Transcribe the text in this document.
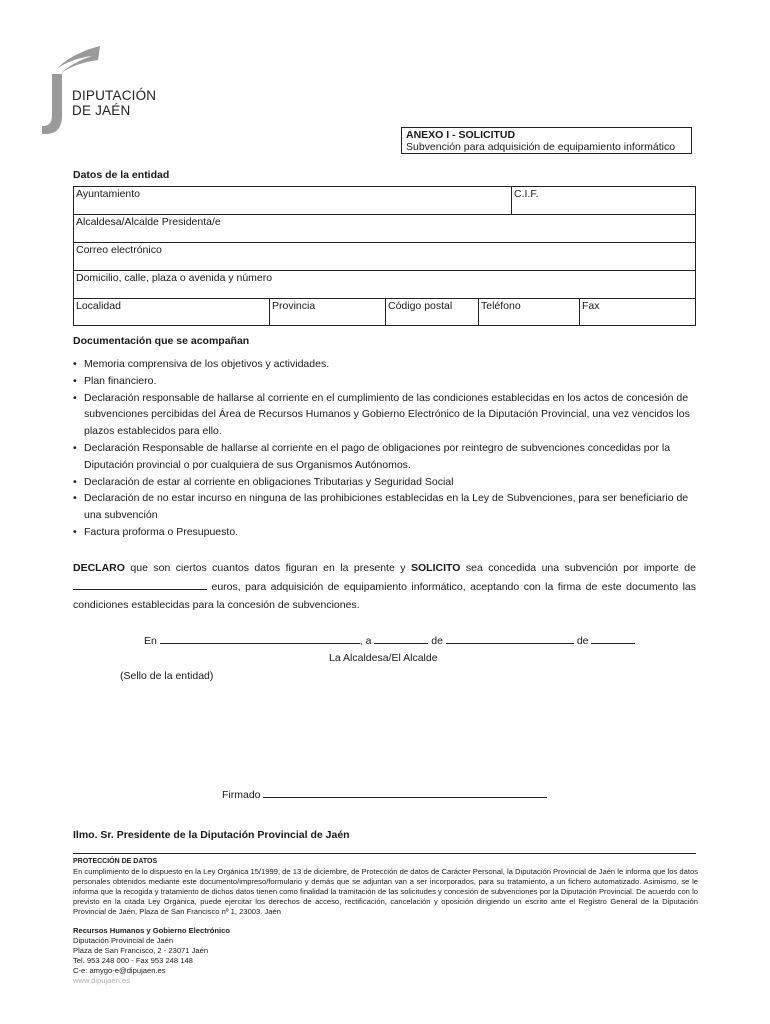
DIPUTACIÓN
DE JAÉN
ANEXO I - SOLICITUD
Subvención para adquisición de equipamiento informático
Datos de la entidad
Ayuntamiento	C.I.F.
Alcaldesa/Alcalde Presidenta/e
Correo electrónico
Domicilio, calle, plaza o avenida y número
Localidad	Provincia	Código postal	Teléfono	Fax
Documentación que se acompañan
• Memoria comprensiva de los objetivos y actividades.
• Plan financiero.
• Declaración responsable de hallarse al corriente en el cumplimiento de las condiciones establecidas en los actos de concesión de subvenciones percibidas del Área de Recursos Humanos y Gobierno Electrónico de la Diputación Provincial, una vez vencidos los plazos establecidos para ello.
• Declaración Responsable de hallarse al corriente en el pago de obligaciones por reintegro de subvenciones concedidas por la Diputación provincial o por cualquiera de sus Organismos Autónomos.
• Declaración de estar al corriente en obligaciones Tributarias y Seguridad Social
• Declaración de no estar incurso en ninguna de las prohibiciones establecidas en la Ley de Subvenciones, para ser beneficiario de una subvención
• Factura proforma o Presupuesto.
DECLARO que son ciertos cuantos datos figuran en la presente y SOLICITO sea concedida una subvención por importe de  euros, para adquisición de equipamiento informático, aceptando con la firma de este documento las condiciones establecidas para la concesión de subvenciones.
En	, a	de	de
La Alcaldesa/El Alcalde
(Sello de la entidad)
Firmado
Ilmo. Sr. Presidente de la Diputación Provincial de Jaén
PROTECCIÓN DE DATOS
En cumplimiento de lo dispuesto en la Ley Orgánica 15/1999, de 13 de diciembre, de Protección de datos de Carácter Personal, la Diputación Provincial de Jaén le informa que los datos personales obtenidos mediante este documento/impreso/formulario y demás que se adjuntan van a ser incorporados, para su tratamiento, a un fichero automatizado. Asimismo, se le informa que la recogida y tratamiento de dichos datos tienen como finalidad la tramitación de las solicitudes y concesión de subvenciones por la Diputación Provincial. De acuerdo con lo previsto en la citada Ley Orgánica, puede ejercitar los derechos de acceso, rectificación, cancelación y oposición dirigiendo un escrito ante el Registro General de la Diputación Provincial de Jaén, Plaza de San Francisco nº 1, 23003. Jaén
Recursos Humanos y Gobierno Electrónico
Diputación Provincial de Jaén
Plaza de San Francisco, 2 - 23071 Jaén
Tel. 953 248 000 - Fax 953 248 148
C-e: amygo-e@dipujaen.es
www.dipujaen.es
